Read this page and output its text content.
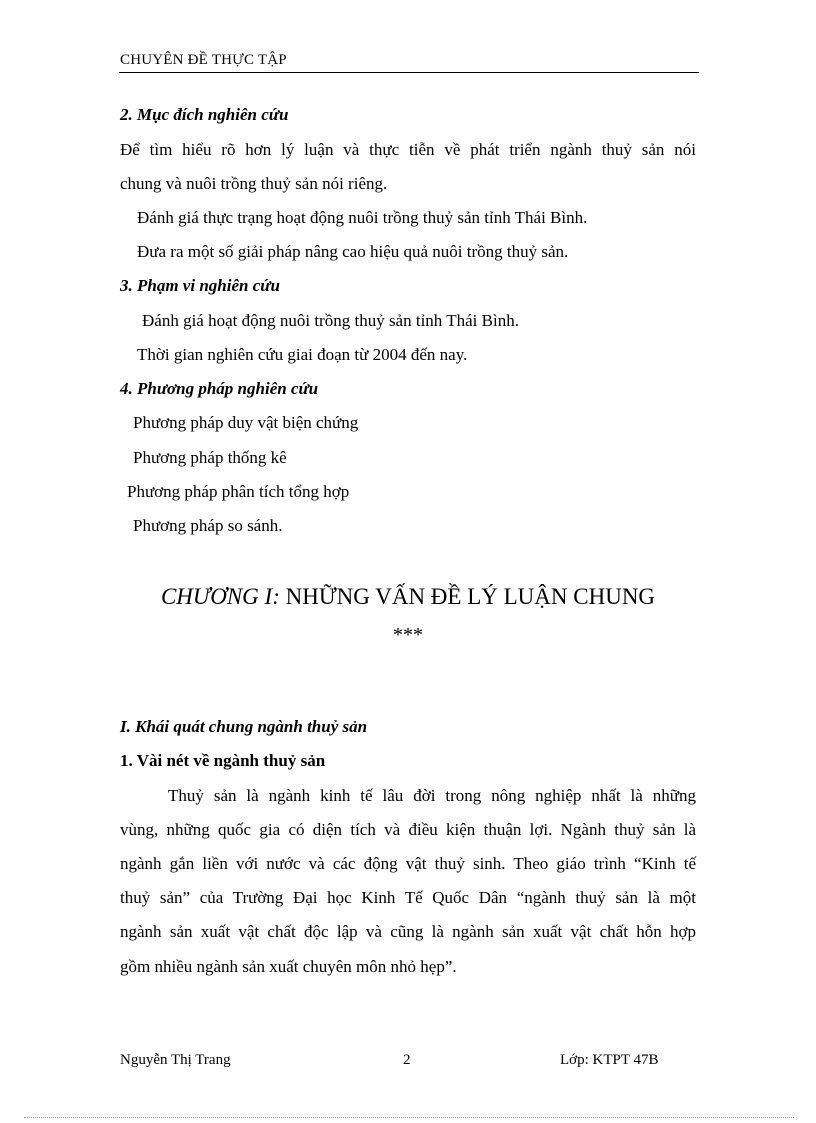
CHUYÊN ĐỀ THỰC TẬP
2. Mục đích nghiên cứu
Để tìm hiểu rõ hơn lý luận và thực tiễn về phát triển ngành thuỷ sản nói
chung và nuôi trồng thuỷ sản nói riêng.
Đánh giá thực trạng hoạt động nuôi trồng thuỷ sản tỉnh Thái Bình.
Đưa ra một số giải pháp nâng cao hiệu quả nuôi trồng thuỷ sản.
3. Phạm vi nghiên cứu
Đánh giá hoạt động nuôi trồng thuỷ sản tỉnh Thái Bình.
Thời gian nghiên cứu giai đoạn từ 2004 đến nay.
4. Phương pháp nghiên cứu
Phương pháp duy vật biện chứng
Phương pháp thống kê
Phương pháp phân tích tổng hợp
Phương pháp so sánh.
CHƯƠNG I: NHỮNG VẤN ĐỀ LÝ LUẬN CHUNG
***
I. Khái quát chung ngành thuỷ sản
1. Vài nét về ngành thuỷ sản
Thuỷ sản là ngành kinh tế lâu đời trong nông nghiệp nhất là những
vùng, những quốc gia có diện tích và điều kiện thuận lợi. Ngành thuỷ sản là
ngành gắn liền với nước và các động vật thuỷ sinh. Theo giáo trình “Kinh tế
thuỷ sản” của Trường Đại học Kinh Tế Quốc Dân “ngành thuỷ sản là một
ngành sản xuất vật chất độc lập và cũng là ngành sản xuất vật chất hỗn hợp
gồm nhiều ngành sản xuất chuyên môn nhỏ hẹp”.
Nguyễn Thị Trang	2	Lớp: KTPT 47B
